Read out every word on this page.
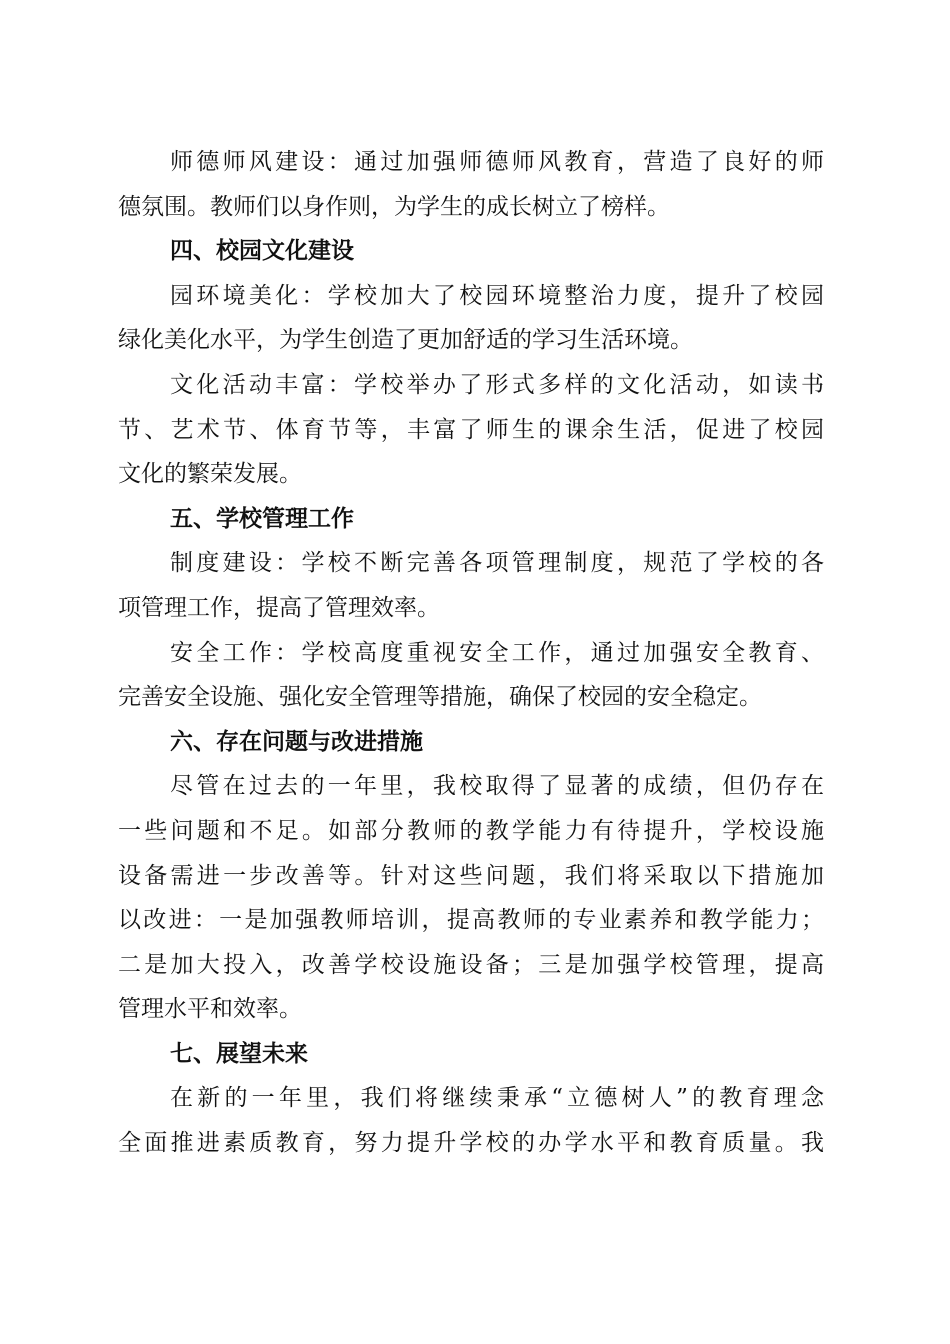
师德师风建设：通过加强师德师风教育，营造了良好的师
德氛围。教师们以身作则，为学生的成长树立了榜样。
四、校园文化建设
园环境美化：学校加大了校园环境整治力度，提升了校园
绿化美化水平，为学生创造了更加舒适的学习生活环境。
文化活动丰富：学校举办了形式多样的文化活动，如读书
节、艺术节、体育节等，丰富了师生的课余生活，促进了校园
文化的繁荣发展。
五、学校管理工作
制度建设：学校不断完善各项管理制度，规范了学校的各
项管理工作，提高了管理效率。
安全工作：学校高度重视安全工作，通过加强安全教育、
完善安全设施、强化安全管理等措施，确保了校园的安全稳定。
六、存在问题与改进措施
尽管在过去的一年里，我校取得了显著的成绩，但仍存在
一些问题和不足。如部分教师的教学能力有待提升，学校设施
设备需进一步改善等。针对这些问题，我们将采取以下措施加
以改进：一是加强教师培训，提高教师的专业素养和教学能力；
二是加大投入，改善学校设施设备；三是加强学校管理，提高
管理水平和效率。
七、展望未来
在新的一年里，我们将继续秉承“立德树人”的教育理念
全面推进素质教育，努力提升学校的办学水平和教育质量。我
